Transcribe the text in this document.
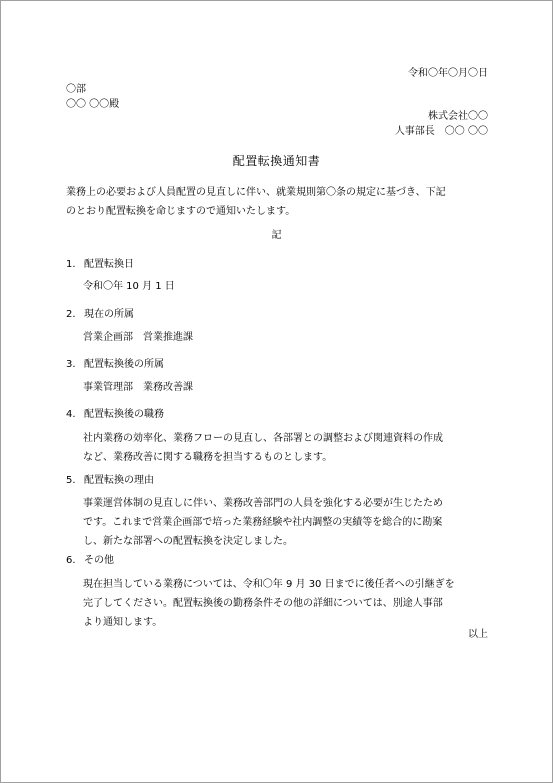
令和〇年〇月〇日
〇部
〇〇 〇〇殿
株式会社〇〇
人事部長　〇〇 〇〇
配置転換通知書
業務上の必要および人員配置の見直しに伴い、就業規則第〇条の規定に基づき、下記
のとおり配置転換を命じますので通知いたします。
記
1. 配置転換日
令和〇年 10 月 1 日
2. 現在の所属
営業企画部　営業推進課
3. 配置転換後の所属
事業管理部　業務改善課
4. 配置転換後の職務
社内業務の効率化、業務フローの見直し、各部署との調整および関連資料の作成
など、業務改善に関する職務を担当するものとします。
5. 配置転換の理由
事業運営体制の見直しに伴い、業務改善部門の人員を強化する必要が生じたため
です。これまで営業企画部で培った業務経験や社内調整の実績等を総合的に勘案
し、新たな部署への配置転換を決定しました。
6. その他
現在担当している業務については、令和〇年 9 月 30 日までに後任者への引継ぎを
完了してください。配置転換後の勤務条件その他の詳細については、別途人事部
より通知します。
以上
